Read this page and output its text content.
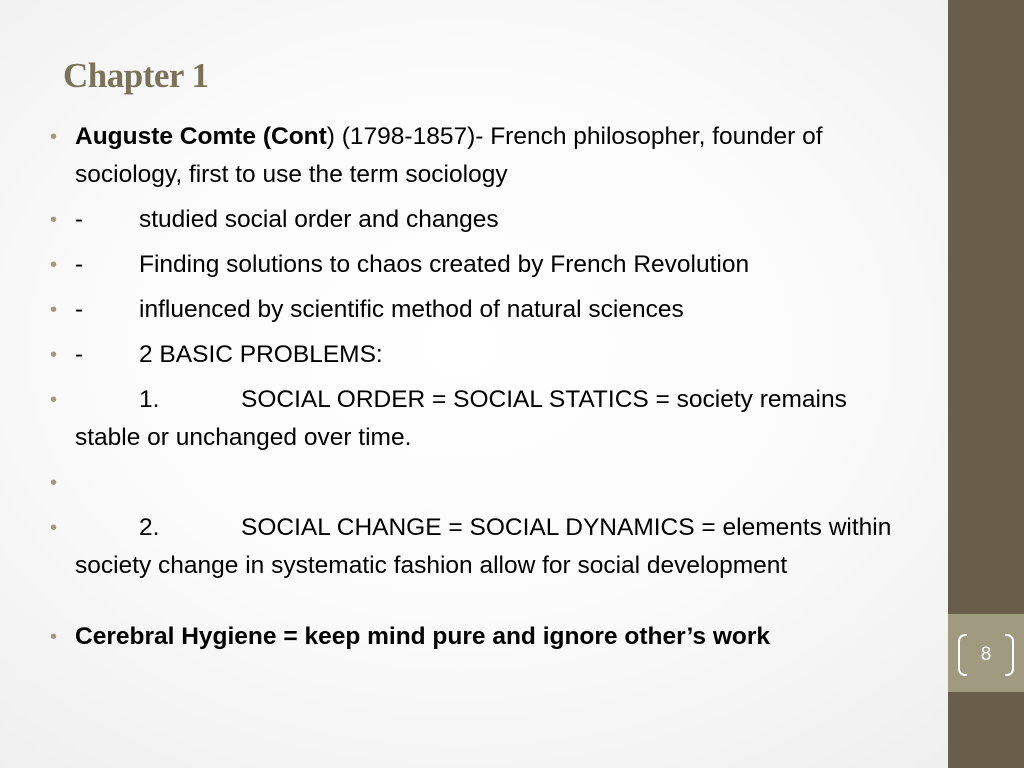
8
Chapter 1
• Auguste Comte (Cont) (1798-1857)- French philosopher, founder of sociology, first to use the term sociology
• - studied social order and changes
• - Finding solutions to chaos created by French Revolution
• - influenced by scientific method of natural sciences
• - 2 BASIC PROBLEMS:
•	1.	SOCIAL ORDER = SOCIAL STATICS = society remains stable or unchanged over time.
•
•	2.	SOCIAL CHANGE = SOCIAL DYNAMICS = elements within society change in systematic fashion allow for social development
• Cerebral Hygiene = keep mind pure and ignore other’s work
